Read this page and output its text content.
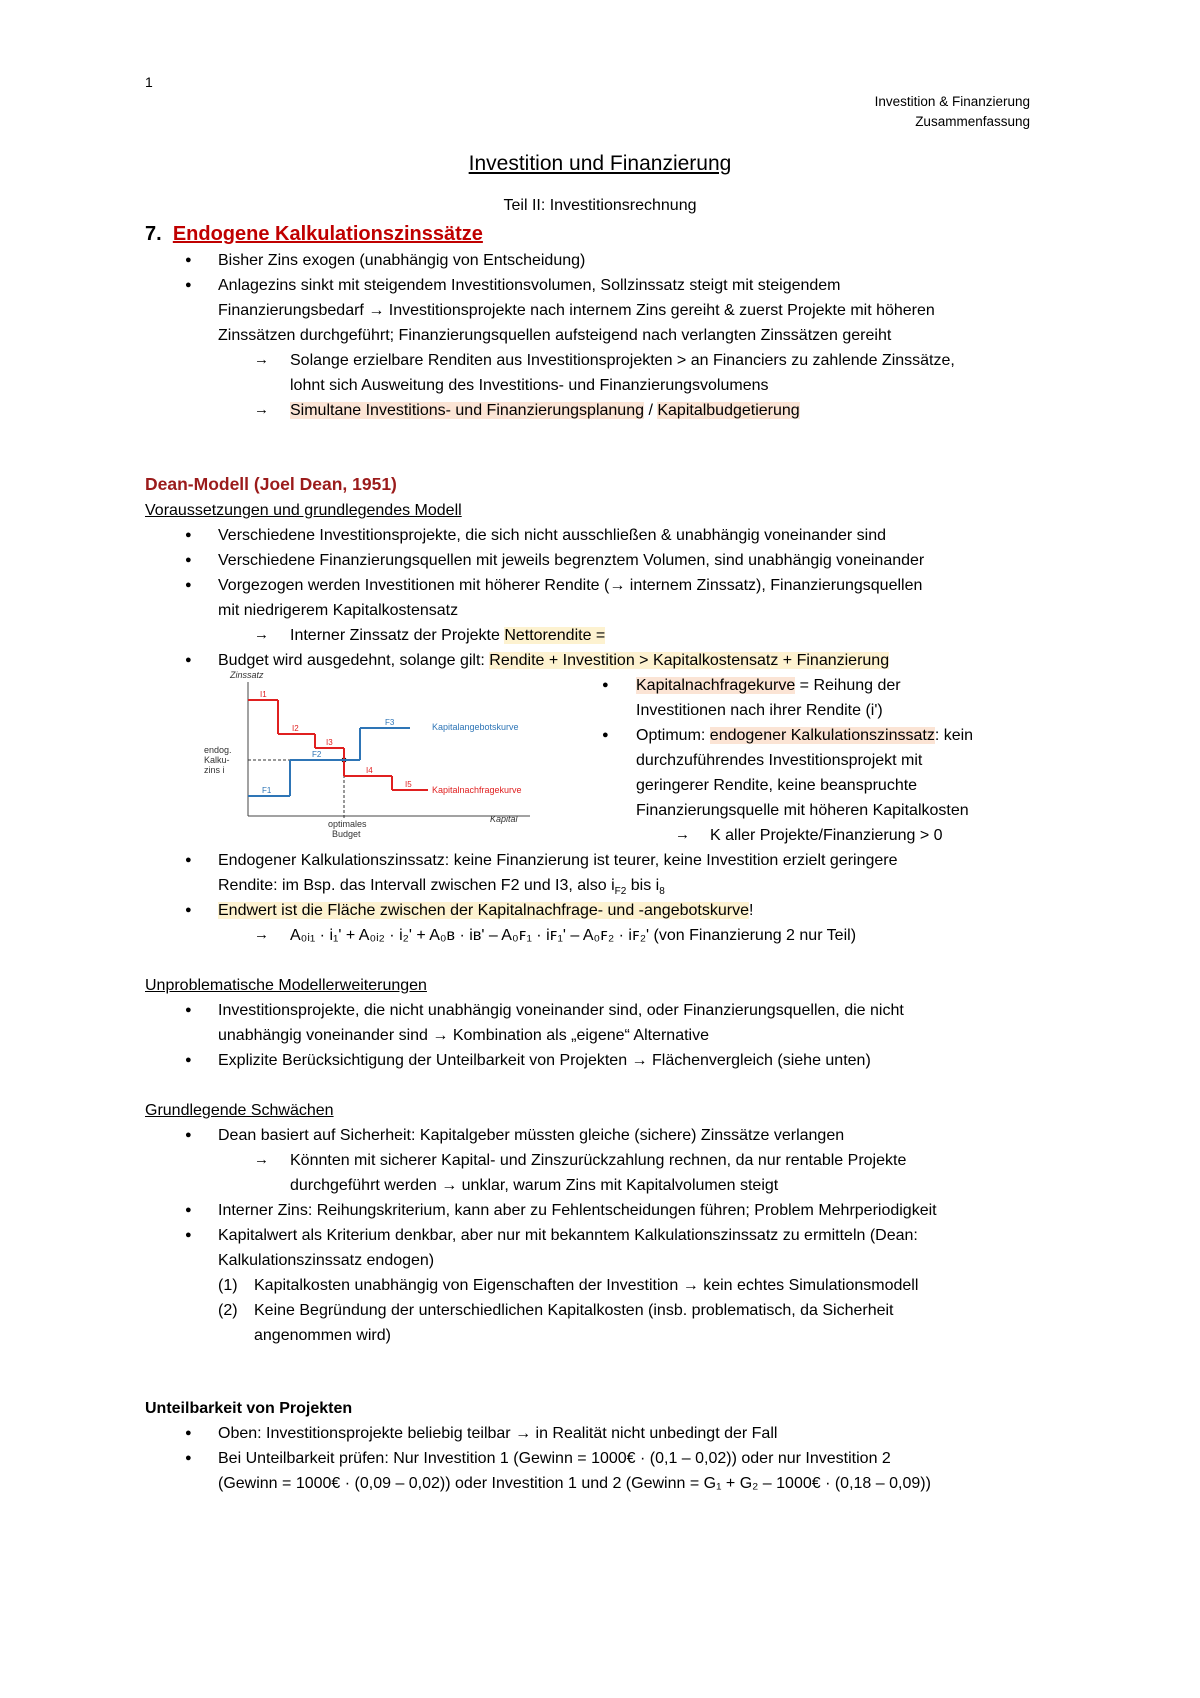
1
Investition & Finanzierung
Zusammenfassung
Investition und Finanzierung
Teil II: Investitionsrechnung
7. Endogene Kalkulationszinssätze
● Bisher Zins exogen (unabhängig von Entscheidung)
● Anlagezins sinkt mit steigendem Investitionsvolumen, Sollzinssatz steigt mit steigendem
Finanzierungsbedarf → Investitionsprojekte nach internem Zins gereiht & zuerst Projekte mit höheren
Zinssätzen durchgeführt; Finanzierungsquellen aufsteigend nach verlangten Zinssätzen gereiht
→ Solange erzielbare Renditen aus Investitionsprojekten > an Financiers zu zahlende Zinssätze,
lohnt sich Ausweitung des Investitions- und Finanzierungsvolumens
→ Simultane Investitions- und Finanzierungsplanung / Kapitalbudgetierung
Dean-Modell (Joel Dean, 1951)
Voraussetzungen und grundlegendes Modell
● Verschiedene Investitionsprojekte, die sich nicht ausschließen & unabhängig voneinander sind
● Verschiedene Finanzierungsquellen mit jeweils begrenztem Volumen, sind unabhängig voneinander
● Vorgezogen werden Investitionen mit höherer Rendite (→ internem Zinssatz), Finanzierungsquellen
mit niedrigerem Kapitalkostensatz
→ Interner Zinssatz der Projekte Nettorendite =
● Budget wird ausgedehnt, solange gilt: Rendite + Investition > Kapitalkostensatz + Finanzierung
Zinssatz
Kapital
endog.
Kalku-
zins i
optimales
Budget
I1
I2
I3
I4
I5
F1
F2
F3	Kapitalangebotskurve
Kapitalnachfragekurve
● Kapitalnachfragekurve = Reihung der
Investitionen nach ihrer Rendite (i')
● Optimum: endogener Kalkulationszinssatz: kein
durchzuführendes Investitionsprojekt mit
geringerer Rendite, keine beanspruchte
Finanzierungsquelle mit höheren Kapitalkosten
→ K aller Projekte/Finanzierung > 0
● Endogener Kalkulationszinssatz: keine Finanzierung ist teurer, keine Investition erzielt geringere
Rendite: im Bsp. das Intervall zwischen F2 und I3, also $i_{F2}$ bis $i_8$
● Endwert ist die Fläche zwischen der Kapitalnachfrage- und -angebotskurve!
→ A₀ᵢ₁ · i₁' + A₀ᵢ₂ · i₂' + A₀ʙ · iʙ' – A₀ꜰ₁ · iꜰ₁' – A₀ꜰ₂ · iꜰ₂' (von Finanzierung 2 nur Teil)
Unproblematische Modellerweiterungen
● Investitionsprojekte, die nicht unabhängig voneinander sind, oder Finanzierungsquellen, die nicht
unabhängig voneinander sind → Kombination als „eigene“ Alternative
● Explizite Berücksichtigung der Unteilbarkeit von Projekten → Flächenvergleich (siehe unten)
Grundlegende Schwächen
● Dean basiert auf Sicherheit: Kapitalgeber müssten gleiche (sichere) Zinssätze verlangen
→ Könnten mit sicherer Kapital- und Zinszurückzahlung rechnen, da nur rentable Projekte
durchgeführt werden → unklar, warum Zins mit Kapitalvolumen steigt
● Interner Zins: Reihungskriterium, kann aber zu Fehlentscheidungen führen; Problem Mehrperiodigkeit
● Kapitalwert als Kriterium denkbar, aber nur mit bekanntem Kalkulationszinssatz zu ermitteln (Dean:
Kalkulationszinssatz endogen)
(1) Kapitalkosten unabhängig von Eigenschaften der Investition → kein echtes Simulationsmodell
(2) Keine Begründung der unterschiedlichen Kapitalkosten (insb. problematisch, da Sicherheit
angenommen wird)
Unteilbarkeit von Projekten
● Oben: Investitionsprojekte beliebig teilbar → in Realität nicht unbedingt der Fall
● Bei Unteilbarkeit prüfen: Nur Investition 1 (Gewinn = 1000€ · (0,1 – 0,02)) oder nur Investition 2
(Gewinn = 1000€ · (0,09 – 0,02)) oder Investition 1 und 2 (Gewinn = G₁ + G₂ – 1000€ · (0,18 – 0,09))
